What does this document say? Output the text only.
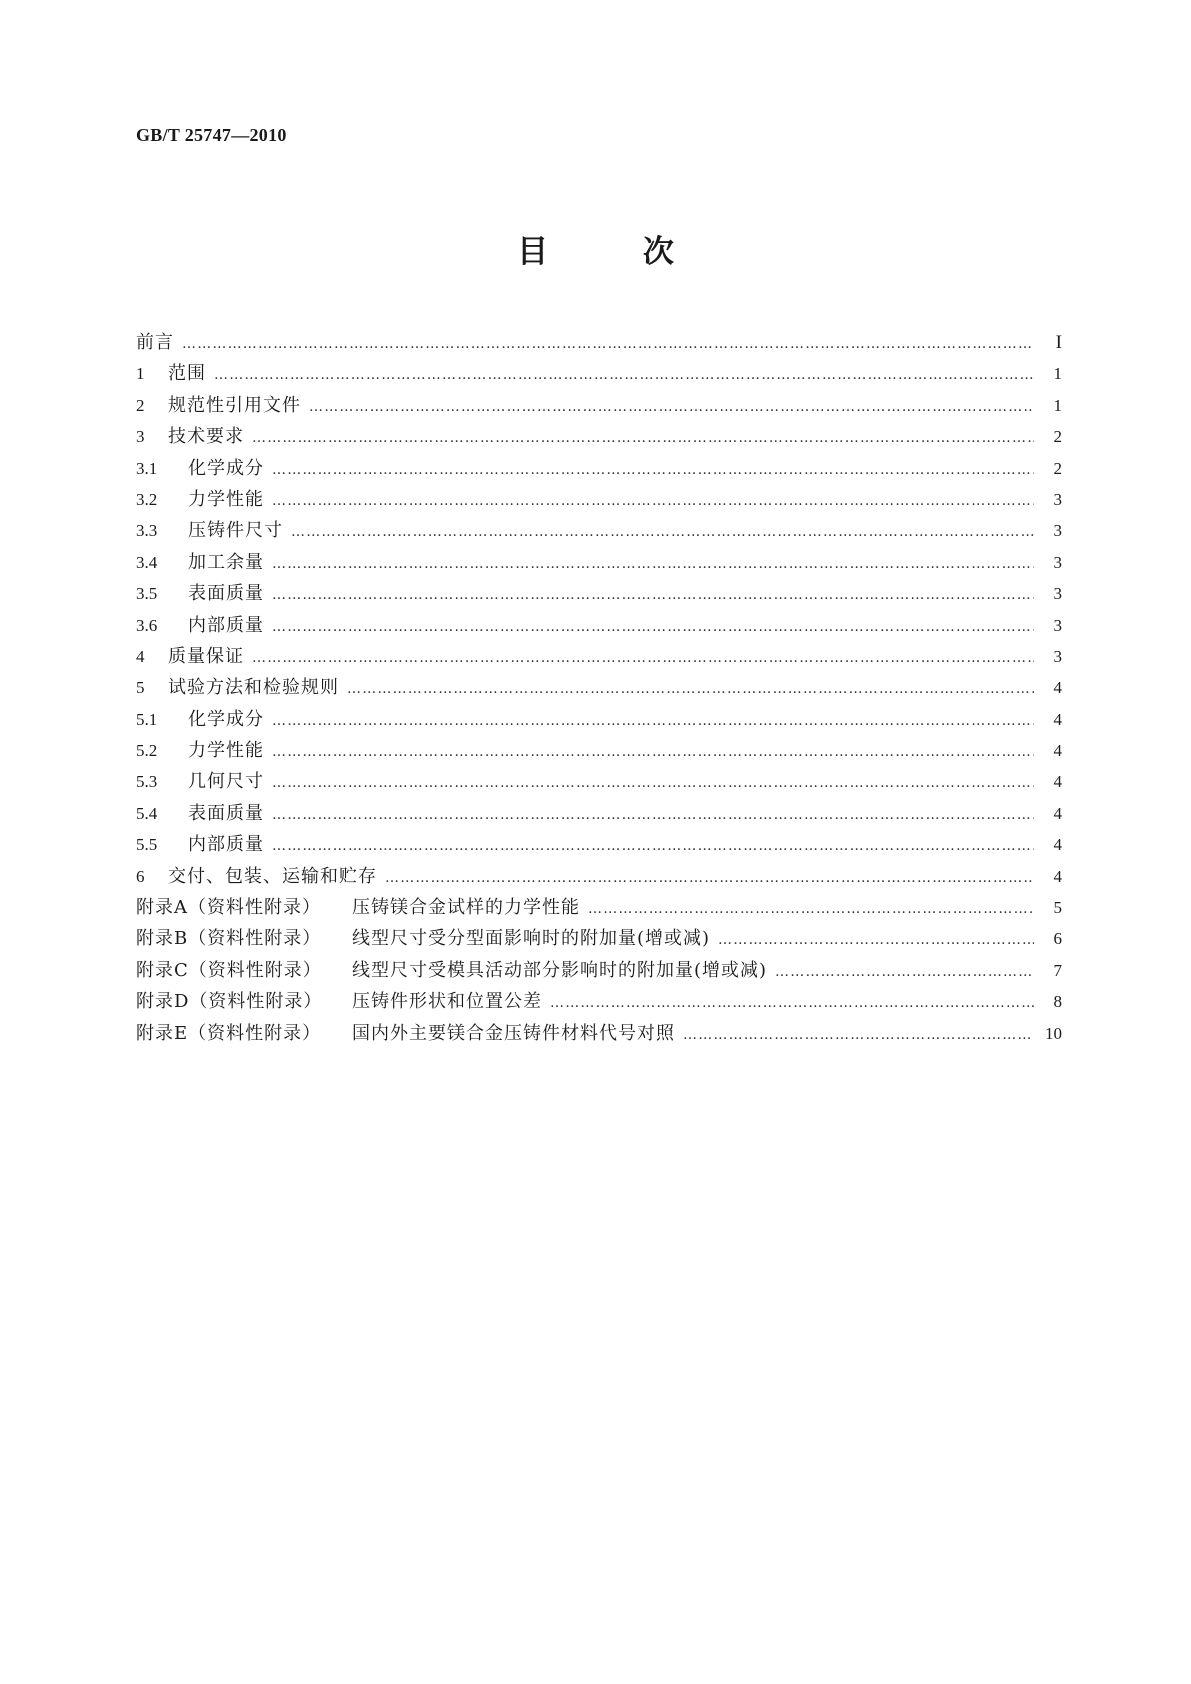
GB/T 25747—2010
目 次
前言 …………………………………………………………………………………………………………………………………………………………………………………………………………	I
1	范围 …………………………………………………………………………………………………………………………………………………………………………………………………………	1
2	规范性引用文件 …………………………………………………………………………………………………………………………………………………………………………………………………………	1
3	技术要求 …………………………………………………………………………………………………………………………………………………………………………………………………………	2
3.1	化学成分 …………………………………………………………………………………………………………………………………………………………………………………………………………	2
3.2	力学性能 …………………………………………………………………………………………………………………………………………………………………………………………………………	3
3.3	压铸件尺寸 …………………………………………………………………………………………………………………………………………………………………………………………………………	3
3.4	加工余量 …………………………………………………………………………………………………………………………………………………………………………………………………………	3
3.5	表面质量 …………………………………………………………………………………………………………………………………………………………………………………………………………	3
3.6	内部质量 …………………………………………………………………………………………………………………………………………………………………………………………………………	3
4	质量保证 …………………………………………………………………………………………………………………………………………………………………………………………………………	3
5	试验方法和检验规则 …………………………………………………………………………………………………………………………………………………………………………………………………………	4
5.1	化学成分 …………………………………………………………………………………………………………………………………………………………………………………………………………	4
5.2	力学性能 …………………………………………………………………………………………………………………………………………………………………………………………………………	4
5.3	几何尺寸 …………………………………………………………………………………………………………………………………………………………………………………………………………	4
5.4	表面质量 …………………………………………………………………………………………………………………………………………………………………………………………………………	4
5.5	内部质量 …………………………………………………………………………………………………………………………………………………………………………………………………………	4
6	交付、包装、运输和贮存 …………………………………………………………………………………………………………………………………………………………………………………………………………	4
附录A（资料性附录）	压铸镁合金试样的力学性能 …………………………………………………………………………………………………………………………………………………………………………………………………………	5
附录B（资料性附录）	线型尺寸受分型面影响时的附加量(增或减) …………………………………………………………………………………………………………………………………………………………………………………………………………	6
附录C（资料性附录）	线型尺寸受模具活动部分影响时的附加量(增或减) …………………………………………………………………………………………………………………………………………………………………………………………………………	7
附录D（资料性附录）	压铸件形状和位置公差 …………………………………………………………………………………………………………………………………………………………………………………………………………	8
附录E（资料性附录）	国内外主要镁合金压铸件材料代号对照 …………………………………………………………………………………………………………………………………………………………………………………………………………	10
